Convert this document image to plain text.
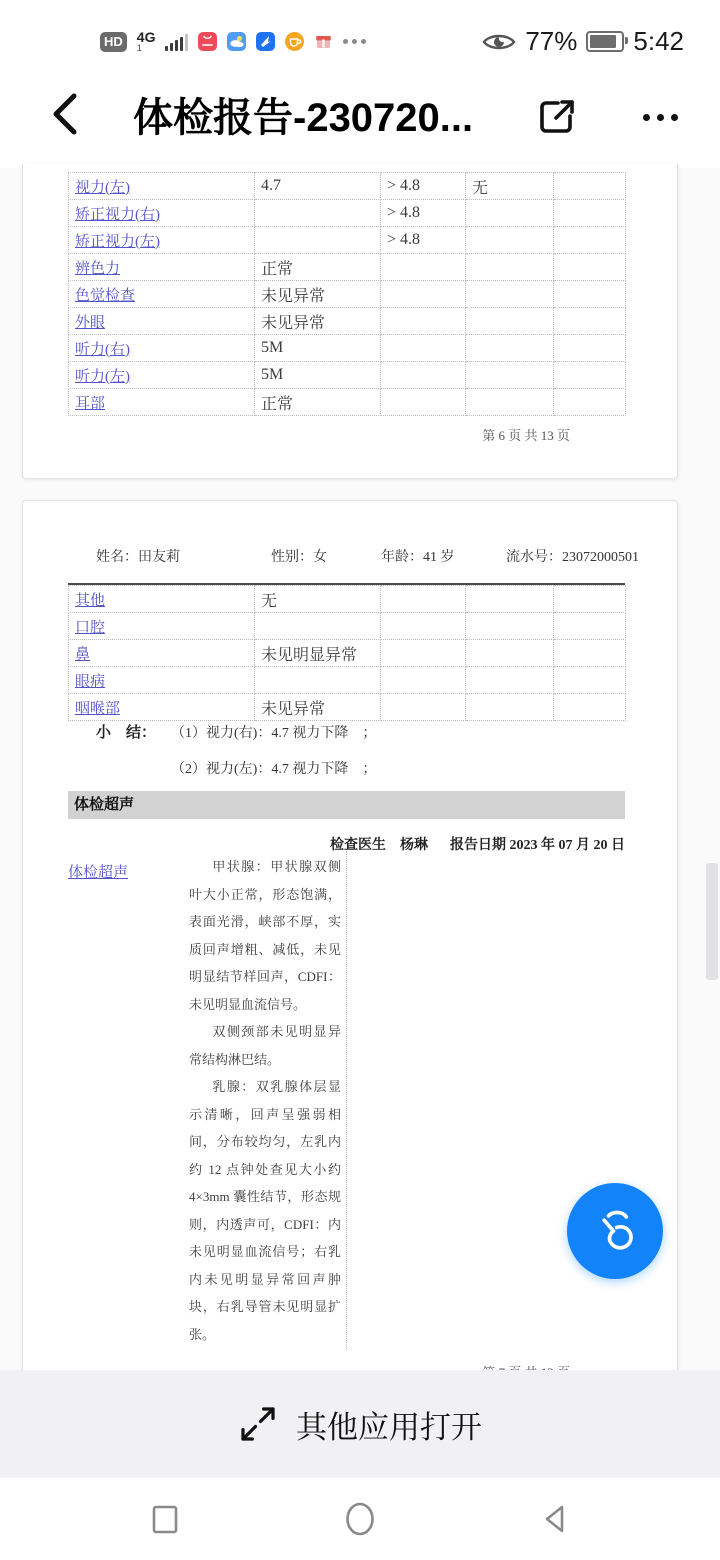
HD 4G
1	77% 5:42
体检报告-230720...
视力(左)	4.7	> 4.8	无	
矫正视力(右)		> 4.8		
矫正视力(左)		> 4.8		
辨色力	正常			
色觉检查	未见异常			
外眼	未见异常			
听力(右)	5M			
听力(左)	5M			
耳部	正常			
第 6 页 共 13 页
姓名：田友莉	性别：女	年龄：41 岁	流水号：23072000501
其他	无			
口腔				
鼻	未见明显异常			
眼病				
咽喉部	未见异常			
小　结： （1）视力(右)：4.7 视力下降　；
（2）视力(左)：4.7 视力下降　；
体检超声
检查医生　杨琳 报告日期 2023 年 07 月 20 日
体检超声	甲状腺：甲状腺双侧叶大小正常，形态饱满，表面光滑，峡部不厚，实质回声增粗、减低，未见明显结节样回声，CDFI：未见明显血流信号。
双侧颈部未见明显异常结构淋巴结。
乳腺：双乳腺体层显示清晰，回声呈强弱相间，分布较均匀，左乳内约 12 点钟处查见大小约 4×3mm 囊性结节，形态规则，内透声可，CDFI：内未见明显血流信号；右乳内未见明显异常回声肿块，右乳导管未见明显扩张。
其他应用打开
